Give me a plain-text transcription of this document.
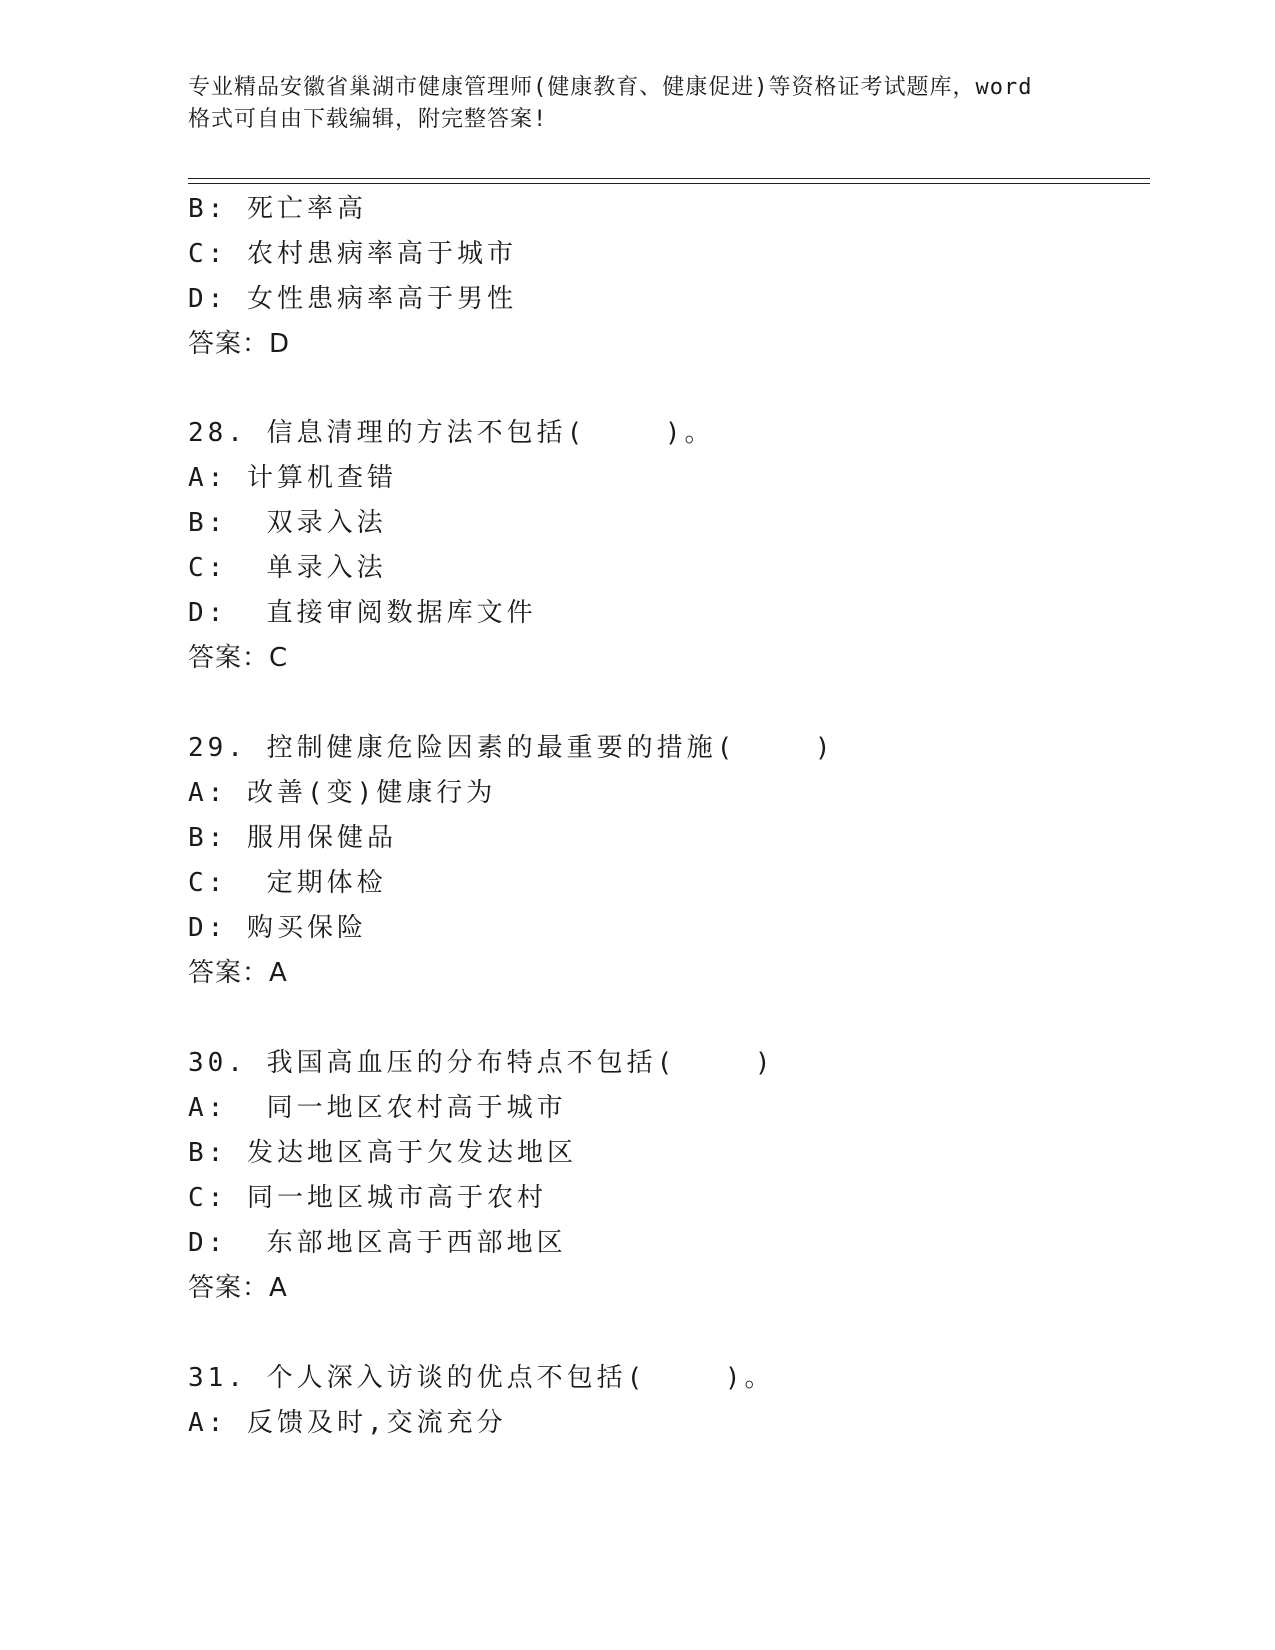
专业精品安徽省巢湖市健康管理师(健康教育、健康促进)等资格证考试题库，word
格式可自由下载编辑，附完整答案!
B: 死亡率高
C: 农村患病率高于城市
D: 女性患病率高于男性
答案：D
28. 信息清理的方法不包括(    )。
A: 计算机查错
B:  双录入法
C:  单录入法
D:  直接审阅数据库文件
答案：C
29. 控制健康危险因素的最重要的措施(    )
A: 改善(变)健康行为
B: 服用保健品
C:  定期体检
D: 购买保险
答案：A
30. 我国高血压的分布特点不包括(    )
A:  同一地区农村高于城市
B: 发达地区高于欠发达地区
C: 同一地区城市高于农村
D:  东部地区高于西部地区
答案：A
31. 个人深入访谈的优点不包括(    )。
A: 反馈及时,交流充分
